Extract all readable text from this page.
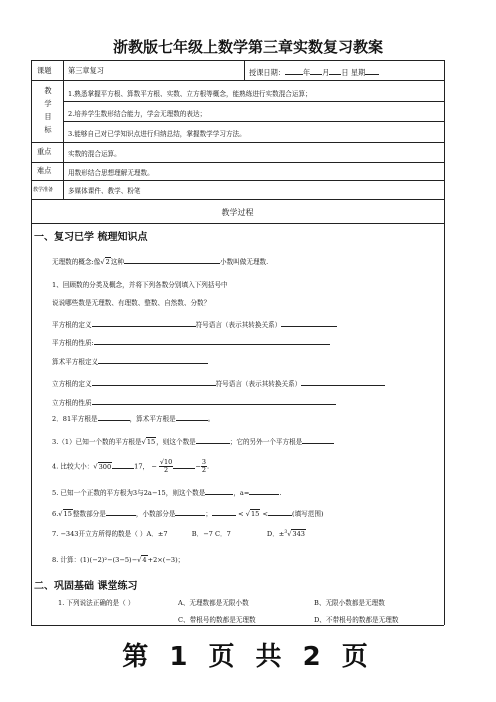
浙教版七年级上数学第三章实数复习教案
课题 第三章复习	授课日期：	年 月 日 星期
教学目标
1.熟悉掌握平方根、算数平方根、实数、立方根等概念，能熟练进行实数混合运算；
2.培养学生数形结合能力，学会无理数的表达；
3.能够自己对已学知识点进行归纳总结，掌握数学学习方法。
重点	实数的混合运算。
难点	用数形结合思想理解无理数。
教学准备 多媒体课件、教学、粉笔
教学过程
一、复习已学 梳理知识点
无理数的概念:像√2这种	小数叫做无理数.
1、回顾数的分类及概念，并将下列各数分别填入下列括号中
说说哪些数是无理数、有理数、整数、自然数、分数？
平方根的定义	符号语言（表示其转换关系）
平方根的性质:
算术平方根定义
立方根的定义	符号语言（表示其转换关系）
立方根的性质
2．81平方根是	，算术平方根是	。
3.（1）已知一个数的平方根是√15，则这个数是	；它的另外一个平方根是
4. 比较大小：√300	17， − $\frac{√10}{2}$	− $\frac{3}{2}$ .
5. 已知一个正数的平方根为3与2a−15，则这个数是	，a=	.
6.√15整数部分是	，小数部分是	；	< √15 <	(填写范围)
7. −343开立方所得的数是（ ）A．±7	B．−7 C．7	D．±$^3$√343
8. 计算：(1)(−2)²−(3−5)−√4+2×(−3)；
二、巩固基础 课堂练习
1. 下列说法正确的是（ ）	A、无理数都是无限小数	B、无限小数都是无理数
C、带根号的数都是无理数	D、不带根号的数都是无理数
第 1 页 共 2 页
